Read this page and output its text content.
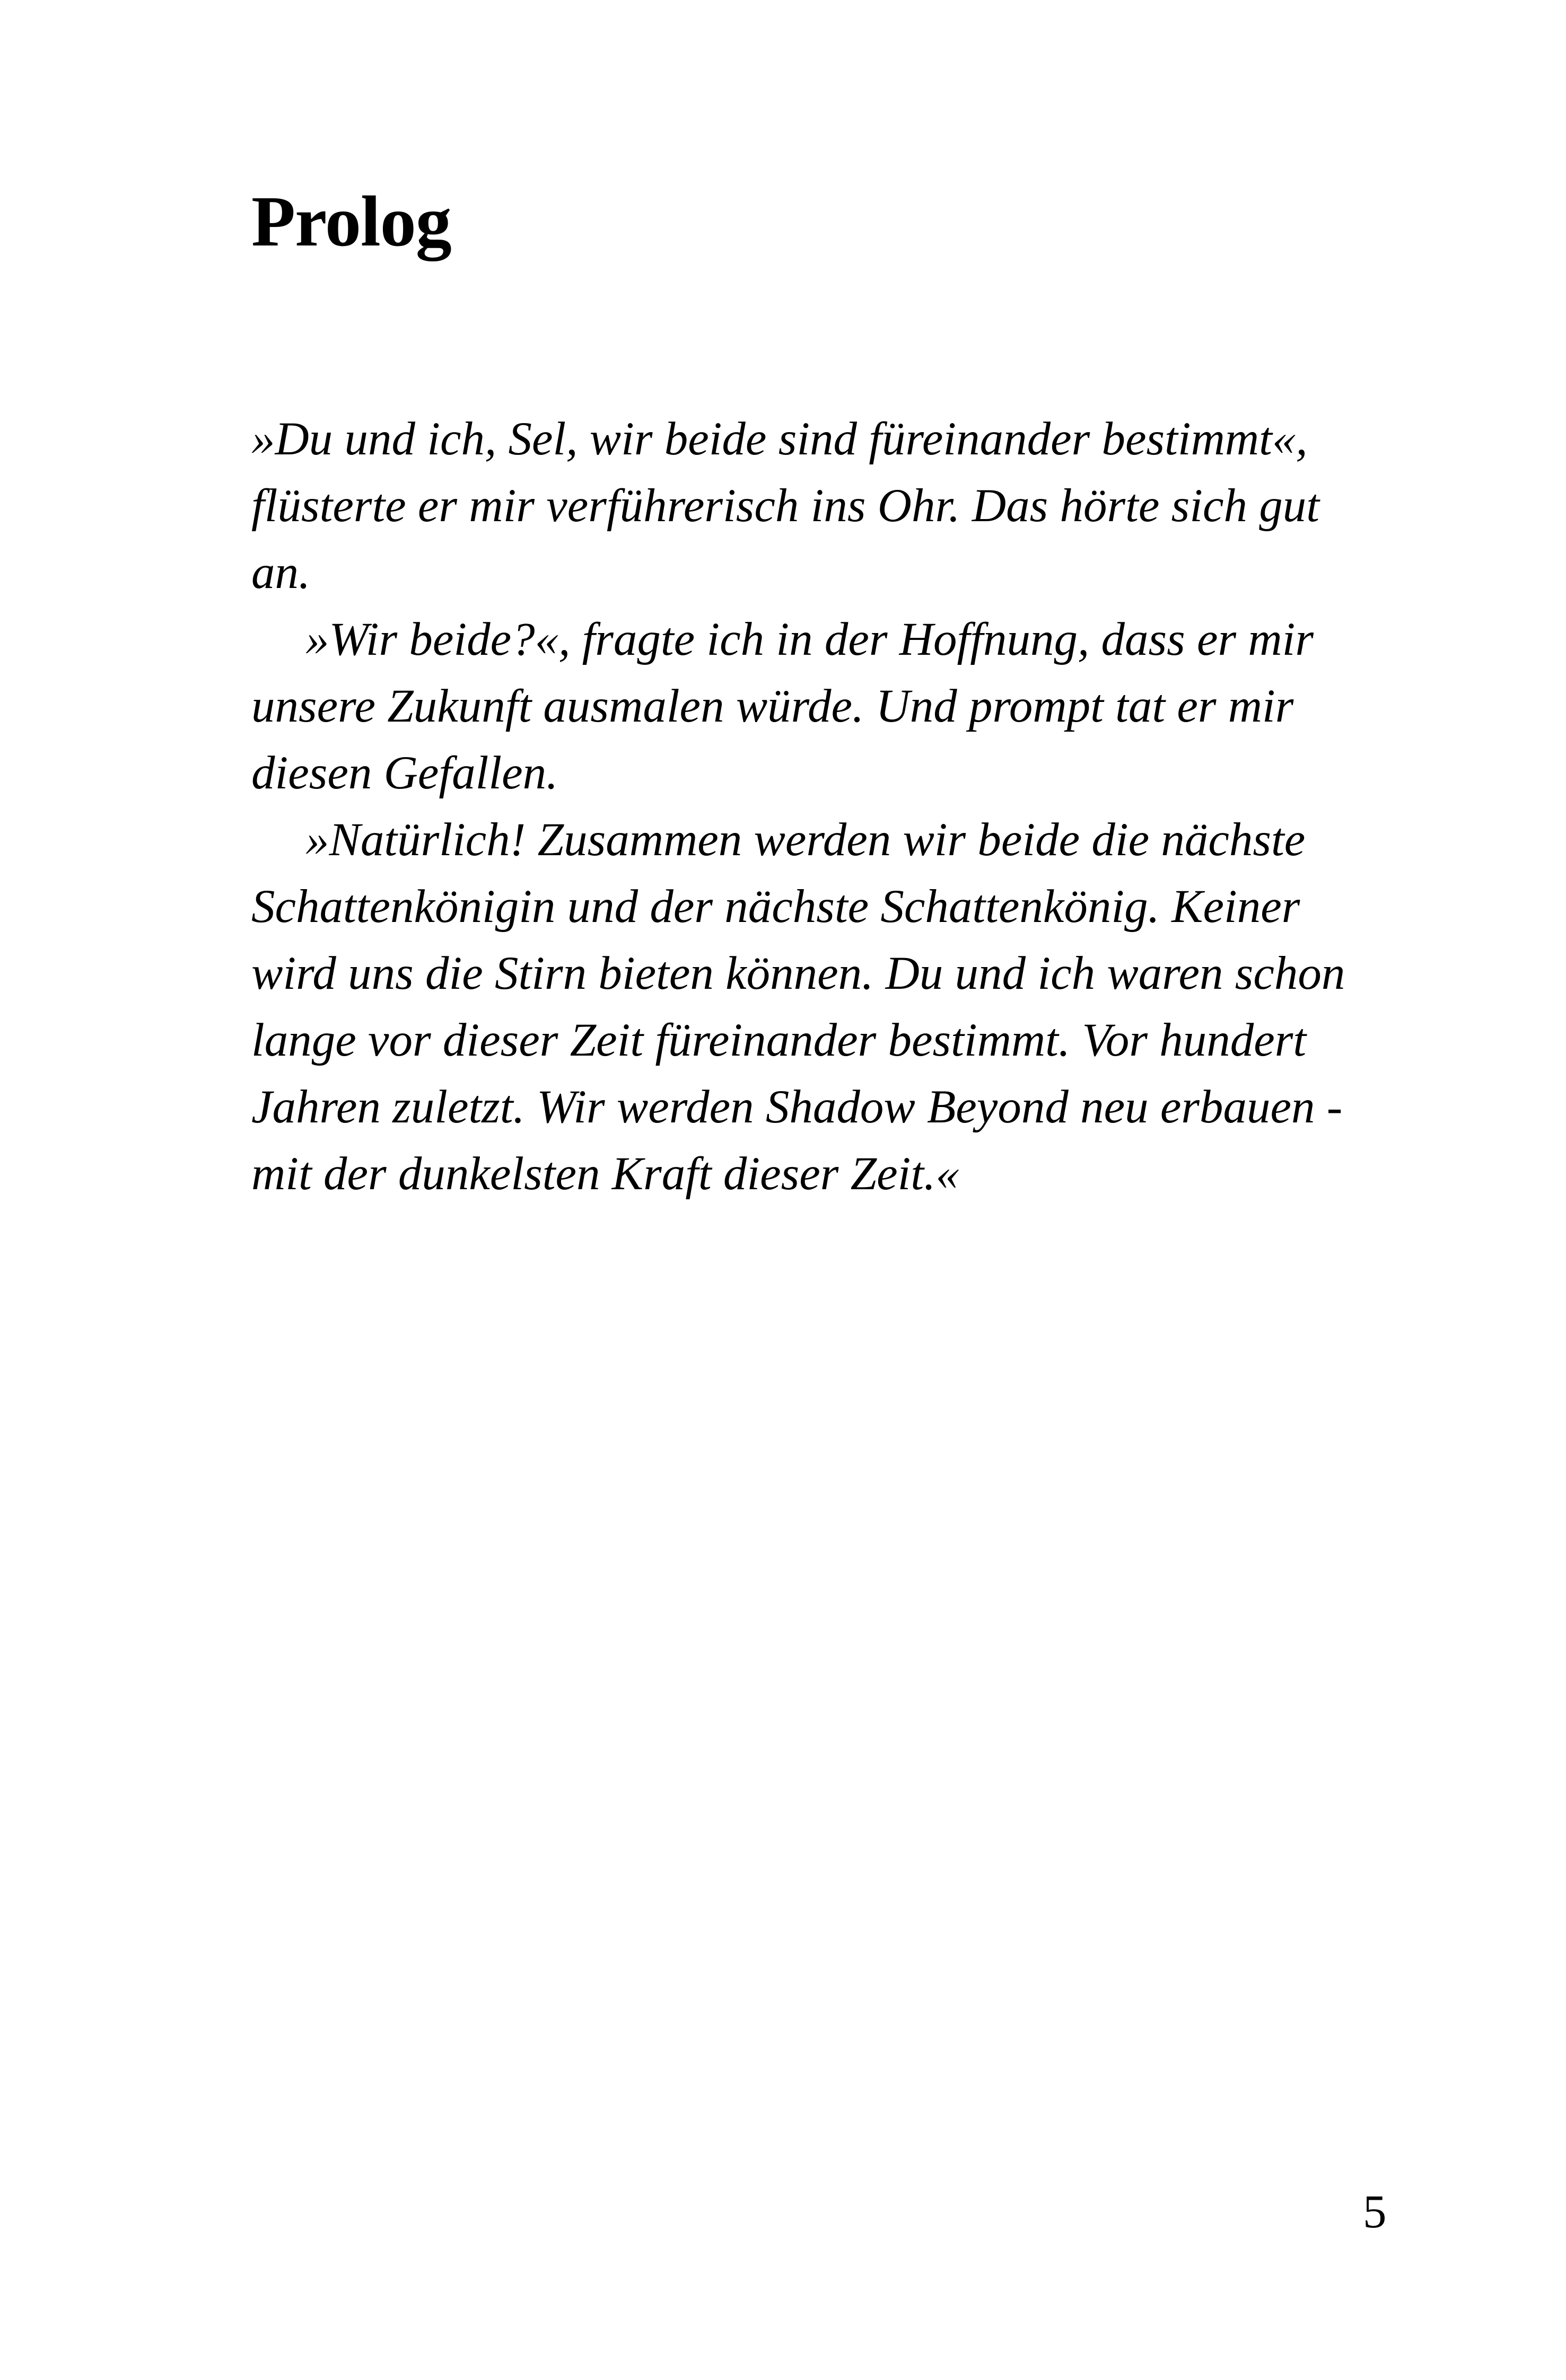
Prolog

»Du und ich, Sel, wir beide sind füreinander bestimmt«,
flüsterte er mir verführerisch ins Ohr. Das hörte sich gut
an.

»Wir beide?«, fragte ich in der Hoffnung, dass er mir
unsere Zukunft ausmalen würde. Und prompt tat er mir
diesen Gefallen.

»Natürlich! Zusammen werden wir beide die nächste
Schattenkönigin und der nächste Schattenkönig. Keiner
wird uns die Stirn bieten können. Du und ich waren schon
lange vor dieser Zeit füreinander bestimmt. Vor hundert
Jahren zuletzt. Wir werden Shadow Beyond neu erbauen -
mit der dunkelsten Kraft dieser Zeit.«

5
